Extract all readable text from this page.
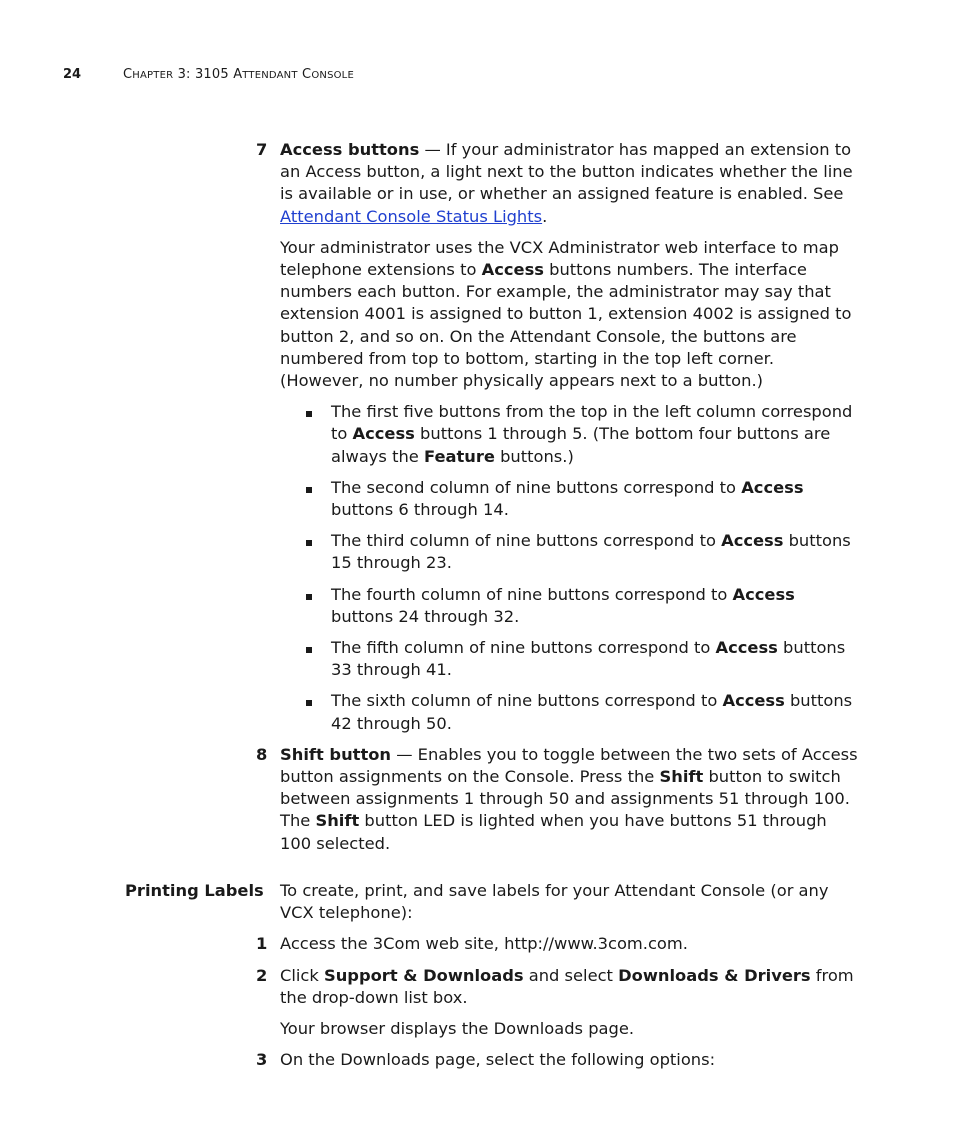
24	CHAPTER 3: 3105 ATTENDANT CONSOLE
7 Access buttons — If your administrator has mapped an extension to an Access button, a light next to the button indicates whether the line is available or in use, or whether an assigned feature is enabled. See Attendant Console Status Lights.

Your administrator uses the VCX Administrator web interface to map telephone extensions to Access buttons numbers. The interface numbers each button. For example, the administrator may say that extension 4001 is assigned to button 1, extension 4002 is assigned to button 2, and so on. On the Attendant Console, the buttons are numbered from top to bottom, starting in the top left corner. (However, no number physically appears next to a button.)

The first five buttons from the top in the left column correspond to Access buttons 1 through 5. (The bottom four buttons are always the Feature buttons.)

The second column of nine buttons correspond to Access buttons 6 through 14.

The third column of nine buttons correspond to Access buttons 15 through 23.

The fourth column of nine buttons correspond to Access buttons 24 through 32.

The fifth column of nine buttons correspond to Access buttons 33 through 41.

The sixth column of nine buttons correspond to Access buttons 42 through 50.

8 Shift button — Enables you to toggle between the two sets of Access button assignments on the Console. Press the Shift button to switch between assignments 1 through 50 and assignments 51 through 100. The Shift button LED is lighted when you have buttons 51 through 100 selected.

Printing Labels To create, print, and save labels for your Attendant Console (or any VCX telephone):

1 Access the 3Com web site, http://www.3com.com.

2 Click Support & Downloads and select Downloads & Drivers from the drop-down list box.

Your browser displays the Downloads page.

3 On the Downloads page, select the following options:
